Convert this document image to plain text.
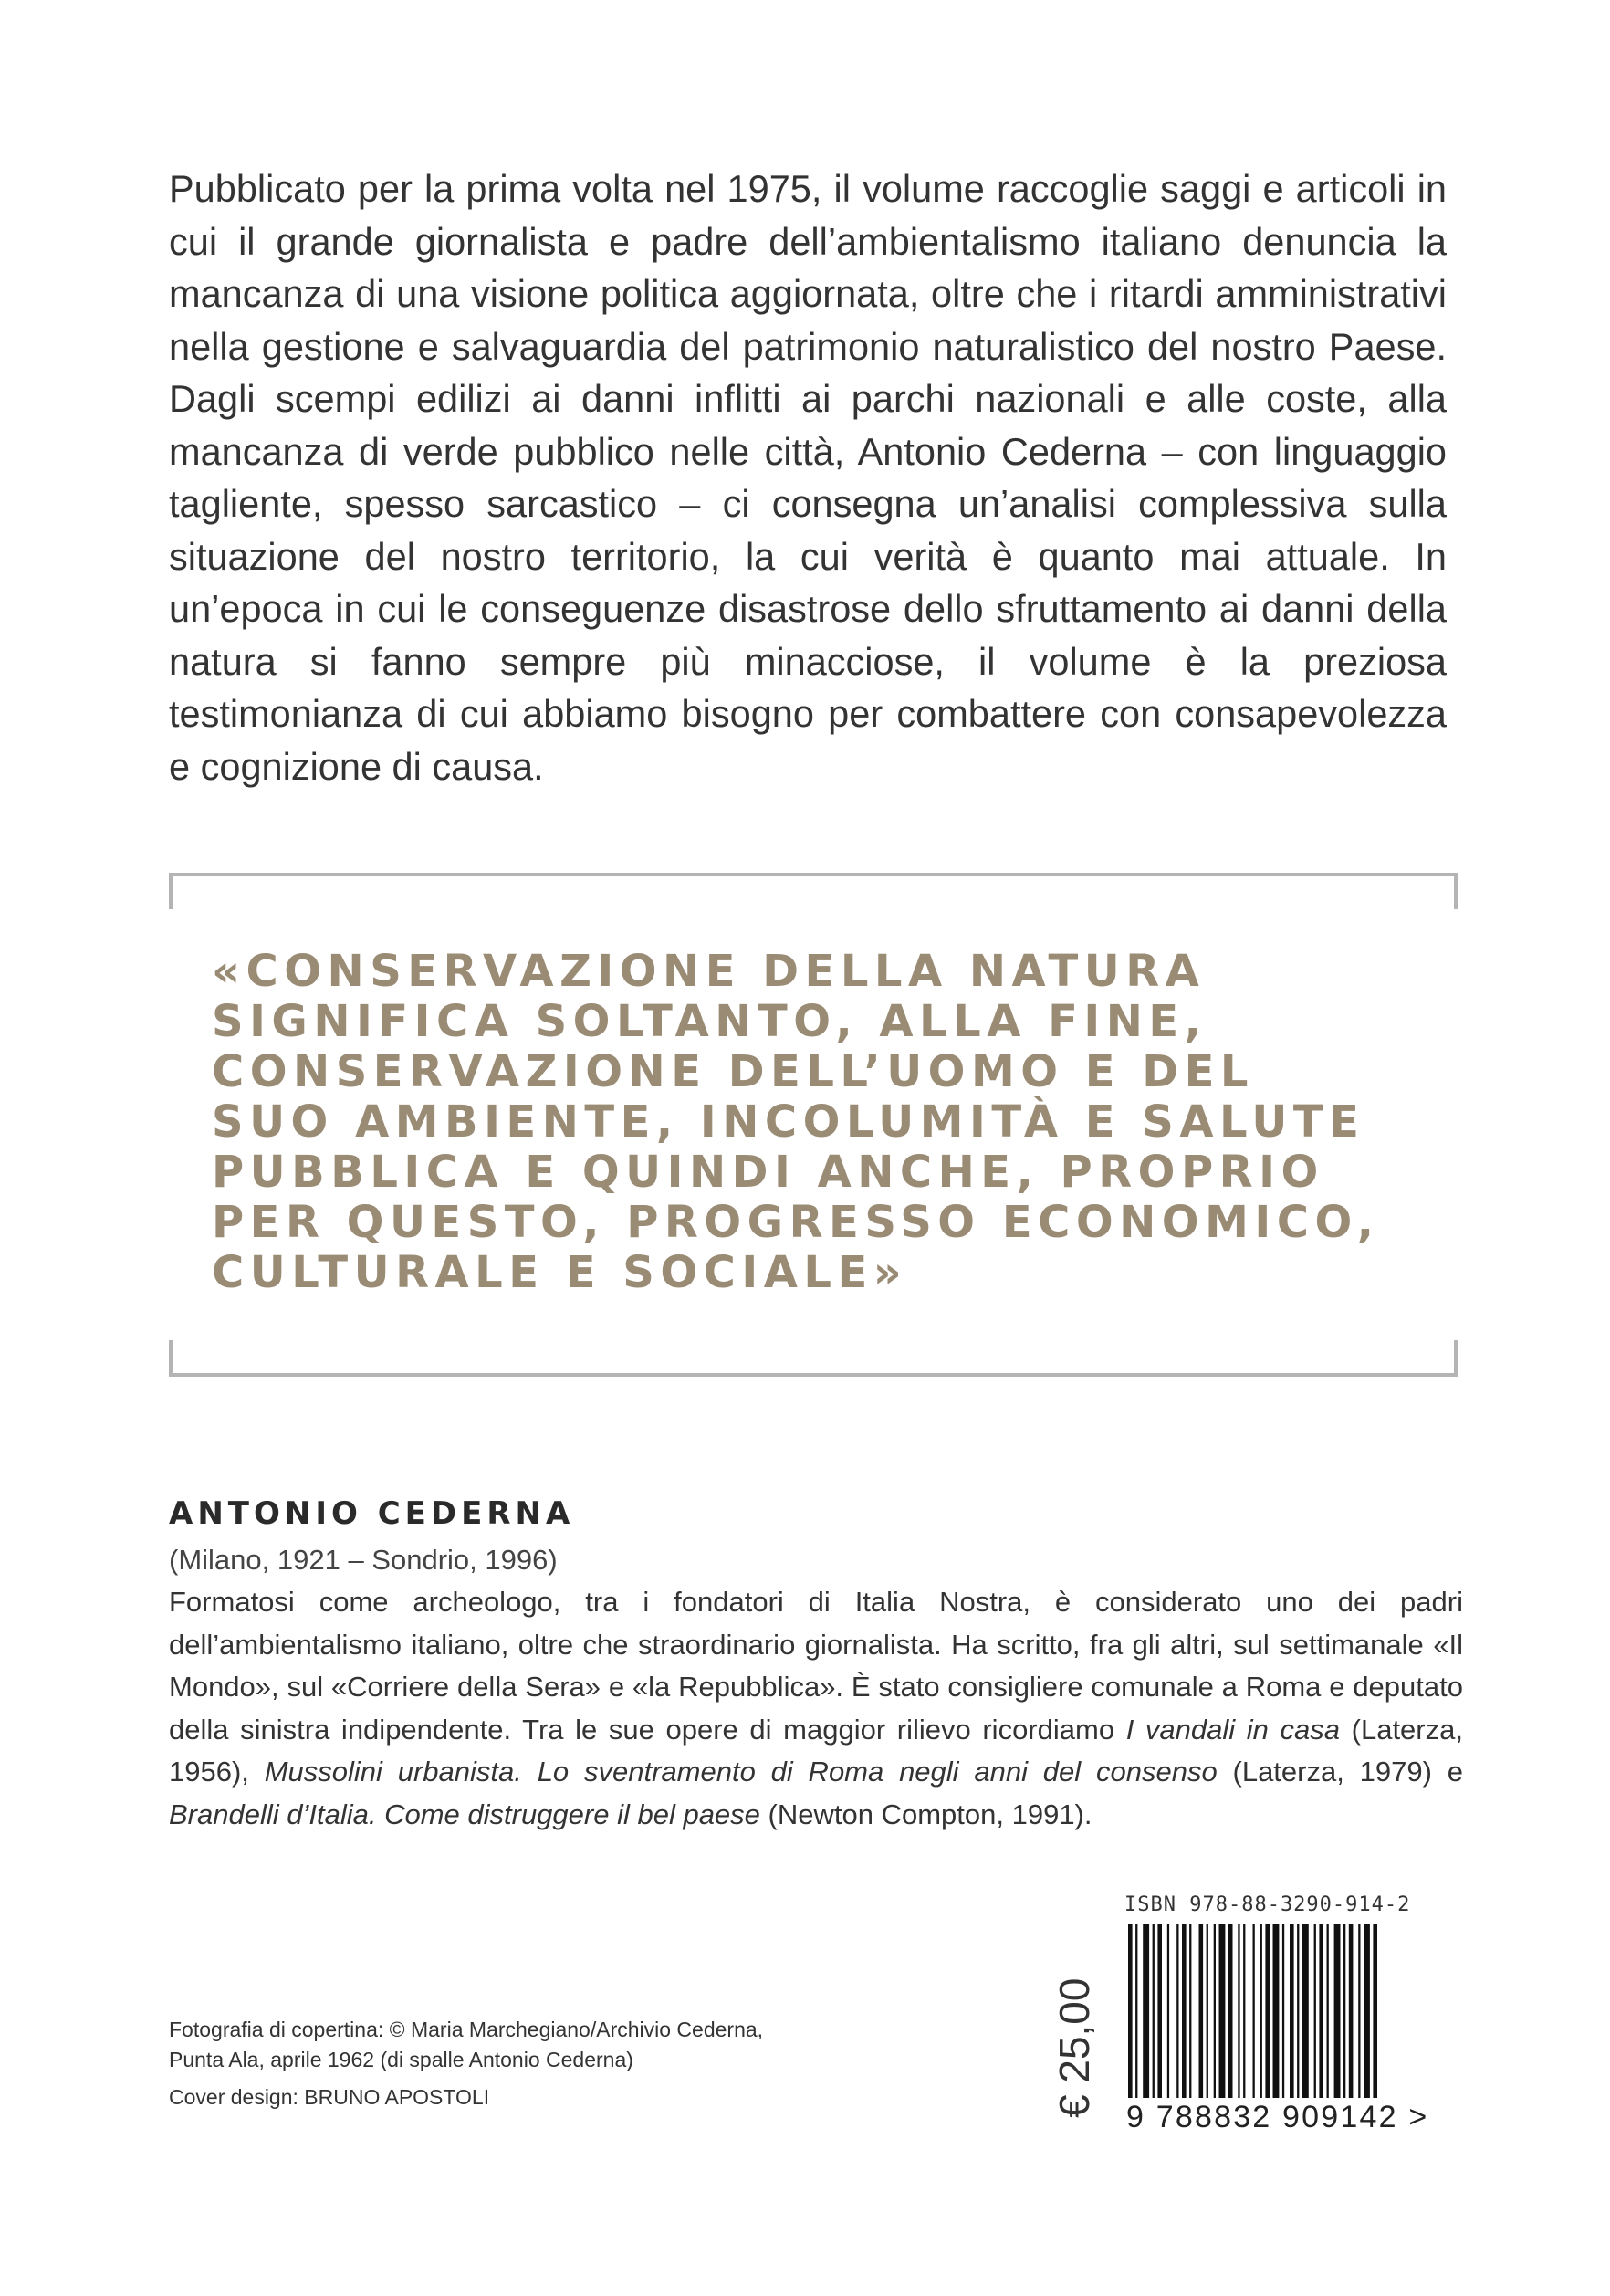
Pubblicato per la prima volta nel 1975, il volume raccoglie saggi e articoli in cui il grande giornalista e padre dell’ambientalismo italiano denuncia la mancanza di una visione politica aggiornata, oltre che i ritardi amministrativi nella gestione e salvaguardia del patrimonio naturalistico del nostro Paese. Dagli scempi edilizi ai danni inflitti ai parchi nazionali e alle coste, alla mancanza di verde pubblico nelle città, Antonio Cederna – con linguaggio tagliente, spesso sarcastico – ci consegna un’analisi complessiva sulla situazione del nostro territorio, la cui verità è quanto mai attuale. In un’epoca in cui le conseguenze disastrose dello sfruttamento ai danni della natura si fanno sempre più minacciose, il volume è la preziosa testimonianza di cui abbiamo bisogno per combattere con consapevolezza e cognizione di causa.

«CONSERVAZIONE DELLA NATURA
SIGNIFICA SOLTANTO, ALLA FINE,
CONSERVAZIONE DELL’UOMO E DEL
SUO AMBIENTE, INCOLUMITÀ E SALUTE
PUBBLICA E QUINDI ANCHE, PROPRIO
PER QUESTO, PROGRESSO ECONOMICO,
CULTURALE E SOCIALE»
ANTONIO CEDERNA
(Milano, 1921 – Sondrio, 1996)

Formatosi come archeologo, tra i fondatori di Italia Nostra, è considerato uno dei padri dell’ambientalismo italiano, oltre che straordinario giornalista. Ha scritto, fra gli altri, sul settimanale «Il Mondo», sul «Corriere della Sera» e «la Repubblica». È stato consigliere comunale a Roma e deputato della sinistra indipendente. Tra le sue opere di maggior rilievo ricordiamo I vandali in casa (Laterza, 1956), Mussolini urbanista. Lo sventramento di Roma negli anni del consenso (Laterza, 1979) e Brandelli d’Italia. Come distruggere il bel paese (Newton Compton, 1991).

ISBN 978-88-3290-914-2
9 788832 909142 >
€ 25,00
Fotografia di copertina: © Maria Marchegiano/Archivio Cederna,
Punta Ala, aprile 1962 (di spalle Antonio Cederna)
Cover design: BRUNO APOSTOLI
